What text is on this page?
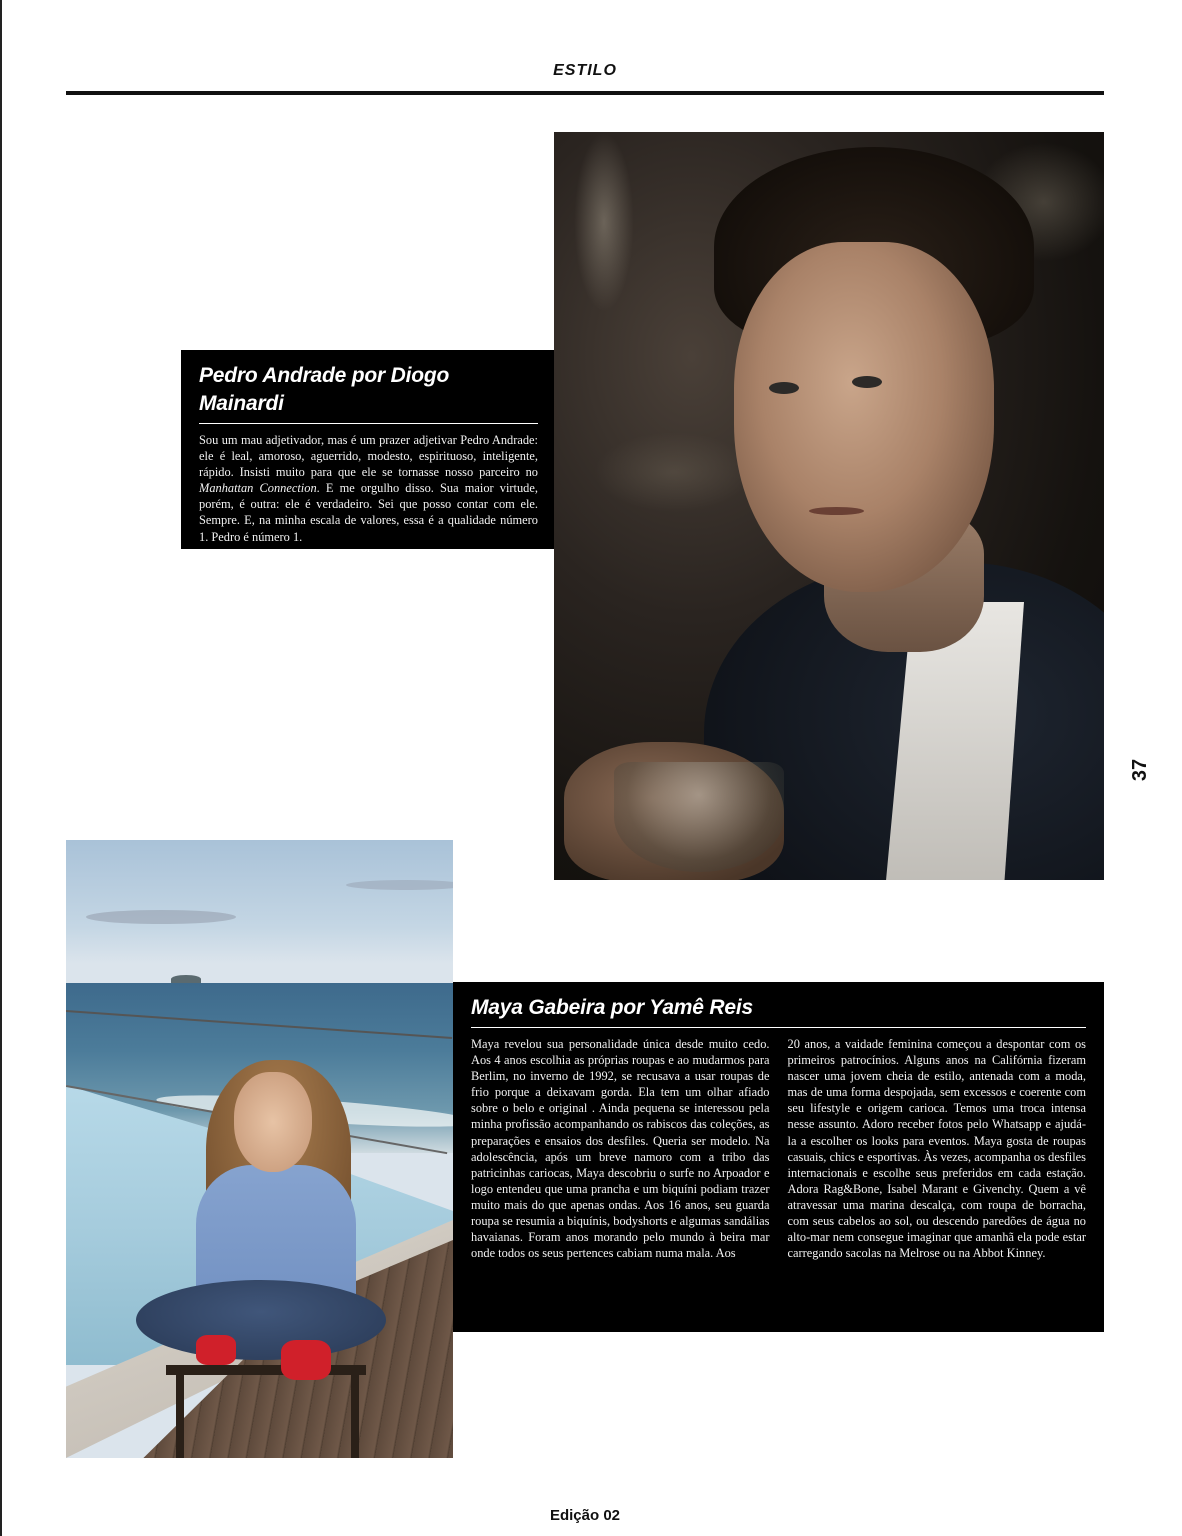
ESTILO
Pedro Andrade por Diogo Mainardi
Sou um mau adjetivador, mas é um prazer adjetivar Pedro Andrade: ele é leal, amoroso, aguerrido, modesto, espirituoso, inteligente, rápido. Insisti muito para que ele se tornasse nosso parceiro no Manhattan Connection. E me orgulho disso. Sua maior virtude, porém, é outra: ele é verdadeiro. Sei que posso contar com ele. Sempre. E, na minha escala de valores, essa é a qualidade número 1. Pedro é número 1.
37
Maya Gabeira por Yamê Reis
Maya revelou sua personalidade única desde muito cedo. Aos 4 anos escolhia as próprias roupas e ao mudarmos para Berlim, no inverno de 1992, se recusava a usar roupas de frio porque a deixavam gorda. Ela tem um olhar afiado sobre o belo e original . Ainda pequena se interessou pela minha profissão acompanhando os rabiscos das coleções, as preparações e ensaios dos desfiles. Queria ser modelo. Na adolescência, após um breve namoro com a tribo das patricinhas cariocas, Maya descobriu o surfe no Arpoador e logo entendeu que uma prancha e um biquíni podiam trazer muito mais do que apenas ondas. Aos 16 anos, seu guarda roupa se resumia a biquínis, bodyshorts e algumas sandálias havaianas. Foram anos morando pelo mundo à beira mar onde todos os seus pertences cabiam numa mala. Aos
20 anos, a vaidade feminina começou a despontar com os primeiros patrocínios. Alguns anos na Califórnia fizeram nascer uma jovem cheia de estilo, antenada com a moda, mas de uma forma despojada, sem excessos e coerente com seu lifestyle e origem carioca. Temos uma troca intensa nesse assunto. Adoro receber fotos pelo Whatsapp e ajudá-la a escolher os looks para eventos. Maya gosta de roupas casuais, chics e esportivas. Às vezes, acompanha os desfiles internacionais e escolhe seus preferidos em cada estação. Adora Rag&Bone, Isabel Marant e Givenchy. Quem a vê atravessar uma marina descalça, com roupa de borracha, com seus cabelos ao sol, ou descendo paredões de água no alto-mar nem consegue imaginar que amanhã ela pode estar carregando sacolas na Melrose ou na Abbot Kinney.
Edição 02
